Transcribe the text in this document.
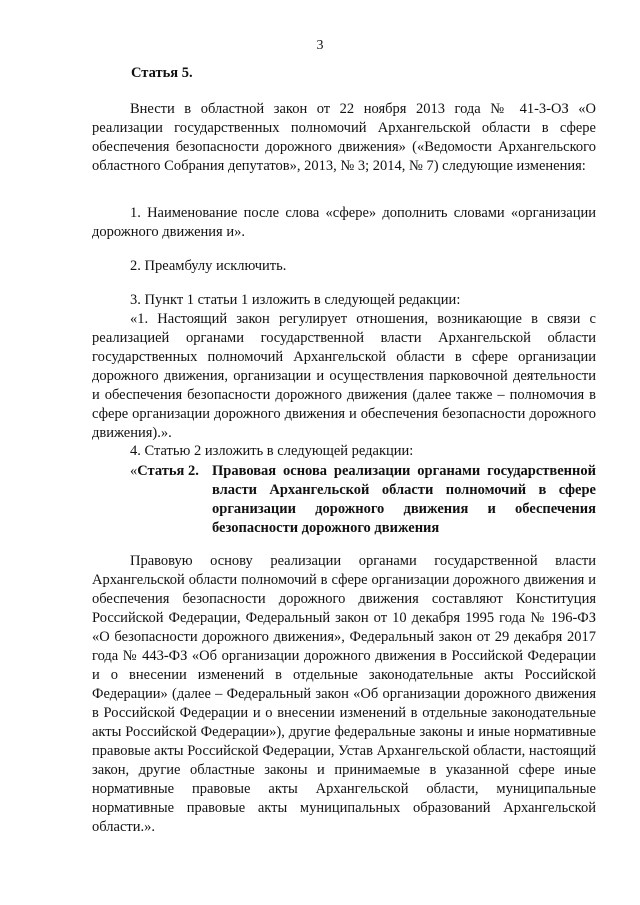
3
Статья 5.

Внести в областной закон от 22 ноября 2013 года № 41-3-ОЗ «О реализации государственных полномочий Архангельской области в сфере обеспечения безопасности дорожного движения» («Ведомости Архангельского областного Собрания депутатов», 2013, № 3; 2014, № 7) следующие изменения:

1. Наименование после слова «сфере» дополнить словами «организации дорожного движения и».

2. Преамбулу исключить.

3. Пункт 1 статьи 1 изложить в следующей редакции:

«1. Настоящий закон регулирует отношения, возникающие в связи с реализацией органами государственной власти Архангельской области государственных полномочий Архангельской области в сфере организации дорожного движения, организации и осуществления парковочной деятельности и обеспечения безопасности дорожного движения (далее также – полномочия в сфере организации дорожного движения и обеспечения безопасности дорожного движения).».

4. Статью 2 изложить в следующей редакции:

«Статья 2. Правовая основа реализации органами государственной власти Архангельской области полномочий в сфере организации дорожного движения и обеспечения безопасности дорожного движения

Правовую основу реализации органами государственной власти Архангельской области полномочий в сфере организации дорожного движения и обеспечения безопасности дорожного движения составляют Конституция Российской Федерации, Федеральный закон от 10 декабря 1995 года № 196-ФЗ «О безопасности дорожного движения», Федеральный закон от 29 декабря 2017 года № 443-ФЗ «Об организации дорожного движения в Российской Федерации и о внесении изменений в отдельные законодательные акты Российской Федерации» (далее – Федеральный закон «Об организации дорожного движения в Российской Федерации и о внесении изменений в отдельные законодательные акты Российской Федерации»), другие федеральные законы и иные нормативные правовые акты Российской Федерации, Устав Архангельской области, настоящий закон, другие областные законы и принимаемые в указанной сфере иные нормативные правовые акты Архангельской области, муниципальные нормативные правовые акты муниципальных образований Архангельской области.».
